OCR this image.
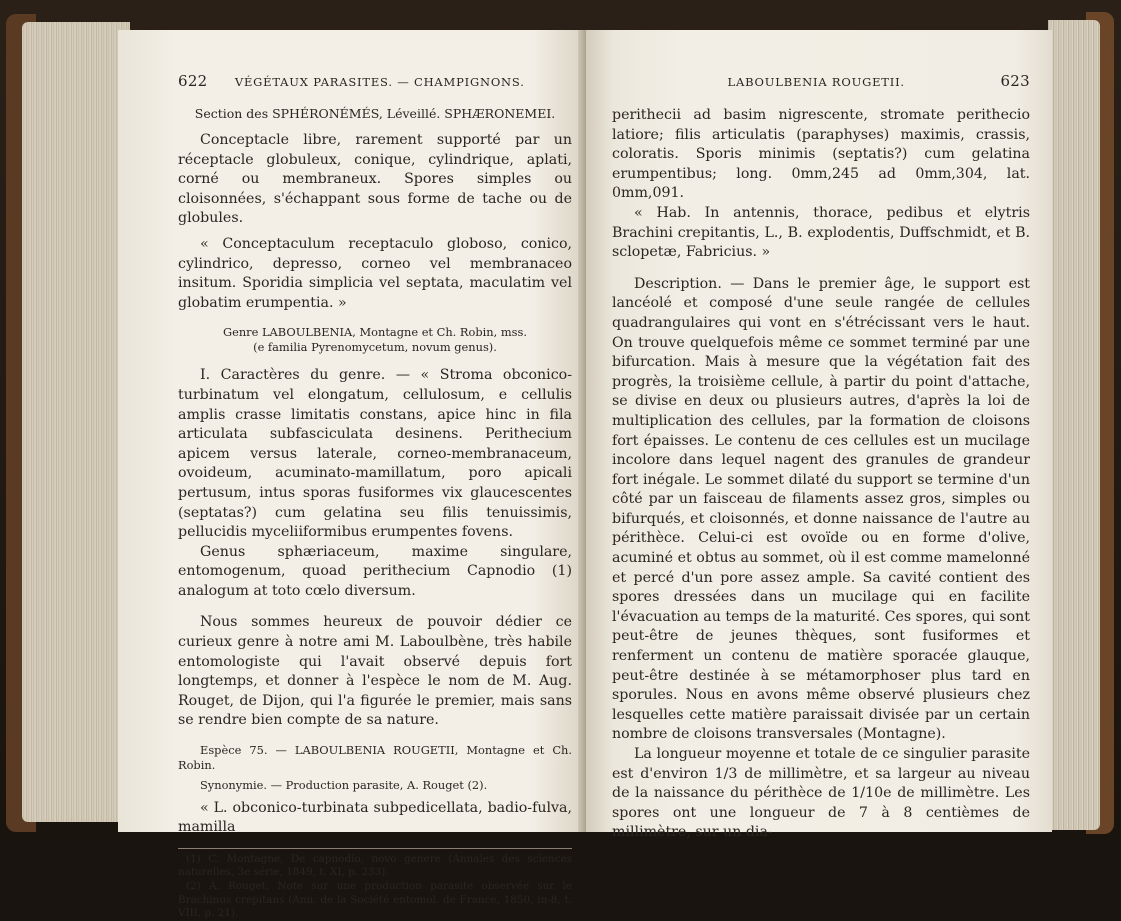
622 VÉGÉTAUX PARASITES. — CHAMPIGNONS.
Section des SPHÉRONÉMÉS, Léveillé. SPHÆRONEMEI.

Conceptacle libre, rarement supporté par un réceptacle globuleux, conique, cylindrique, aplati, corné ou membraneux. Spores simples ou cloisonnées, s'échappant sous forme de tache ou de globules.

« Conceptaculum receptaculo globoso, conico, cylindrico, depresso, corneo vel membranaceo insitum. Sporidia simplicia vel septata, maculatim vel globatim erumpentia. »

Genre LABOULBENIA, Montagne et Ch. Robin, mss.

(e familia Pyrenomycetum, novum genus).

I. Caractères du genre. — « Stroma obconico-turbinatum vel elongatum, cellulosum, e cellulis amplis crasse limitatis constans, apice hinc in fila articulata subfasciculata desinens. Perithecium apicem versus laterale, corneo-membranaceum, ovoideum, acuminato-mamillatum, poro apicali pertusum, intus sporas fusiformes vix glaucescentes (septatas?) cum gelatina seu filis tenuissimis, pellucidis myceliiformibus erumpentes fovens.

Genus sphæriaceum, maxime singulare, entomogenum, quoad perithecium Capnodio (1) analogum at toto cœlo diversum.

Nous sommes heureux de pouvoir dédier ce curieux genre à notre ami M. Laboulbène, très habile entomologiste qui l'avait observé depuis fort longtemps, et donner à l'espèce le nom de M. Aug. Rouget, de Dijon, qui l'a figurée le premier, mais sans se rendre bien compte de sa nature.

Espèce 75. — LABOULBENIA ROUGETII, Montagne et Ch. Robin.

Synonymie. — Production parasite, A. Rouget (2).

« L. obconico-turbinata subpedicellata, badio-fulva, mamilla

(1) C. Montagne, De capnodio, novo genere (Annales des sciences naturelles, 3e série, 1849, t. XI, p. 233).

(2) A. Rouget, Note sur une production parasite observée sur le Brachinus crepitans (Ann. de la Société entomol. de France, 1850, in-8, t. VIII, p. 21).

LABOULBENIA ROUGETII.	623

perithecii ad basim nigrescente, stromate perithecio latiore; filis articulatis (paraphyses) maximis, crassis, coloratis. Sporis minimis (septatis?) cum gelatina erumpentibus; long. 0mm,245 ad 0mm,304, lat. 0mm,091.

« Hab. In antennis, thorace, pedibus et elytris Brachini crepitantis, L., B. explodentis, Duffschmidt, et B. sclopetæ, Fabricius. »

Description. — Dans le premier âge, le support est lancéolé et composé d'une seule rangée de cellules quadrangulaires qui vont en s'étrécissant vers le haut. On trouve quelquefois même ce sommet terminé par une bifurcation. Mais à mesure que la végétation fait des progrès, la troisième cellule, à partir du point d'attache, se divise en deux ou plusieurs autres, d'après la loi de multiplication des cellules, par la formation de cloisons fort épaisses. Le contenu de ces cellules est un mucilage incolore dans lequel nagent des granules de grandeur fort inégale. Le sommet dilaté du support se termine d'un côté par un faisceau de filaments assez gros, simples ou bifurqués, et cloisonnés, et donne naissance de l'autre au périthèce. Celui-ci est ovoïde ou en forme d'olive, acuminé et obtus au sommet, où il est comme mamelonné et percé d'un pore assez ample. Sa cavité contient des spores dressées dans un mucilage qui en facilite l'évacuation au temps de la maturité. Ces spores, qui sont peut-être de jeunes thèques, sont fusiformes et renferment un contenu de matière sporacée glauque, peut-être destinée à se métamorphoser plus tard en sporules. Nous en avons même observé plusieurs chez lesquelles cette matière paraissait divisée par un certain nombre de cloisons transversales (Montagne).

La longueur moyenne et totale de ce singulier parasite est d'environ 1/3 de millimètre, et sa largeur au niveau de la naissance du périthèce de 1/10e de millimètre. Les spores ont une longueur de 7 à 8 centièmes de millimètre, sur un dia-
